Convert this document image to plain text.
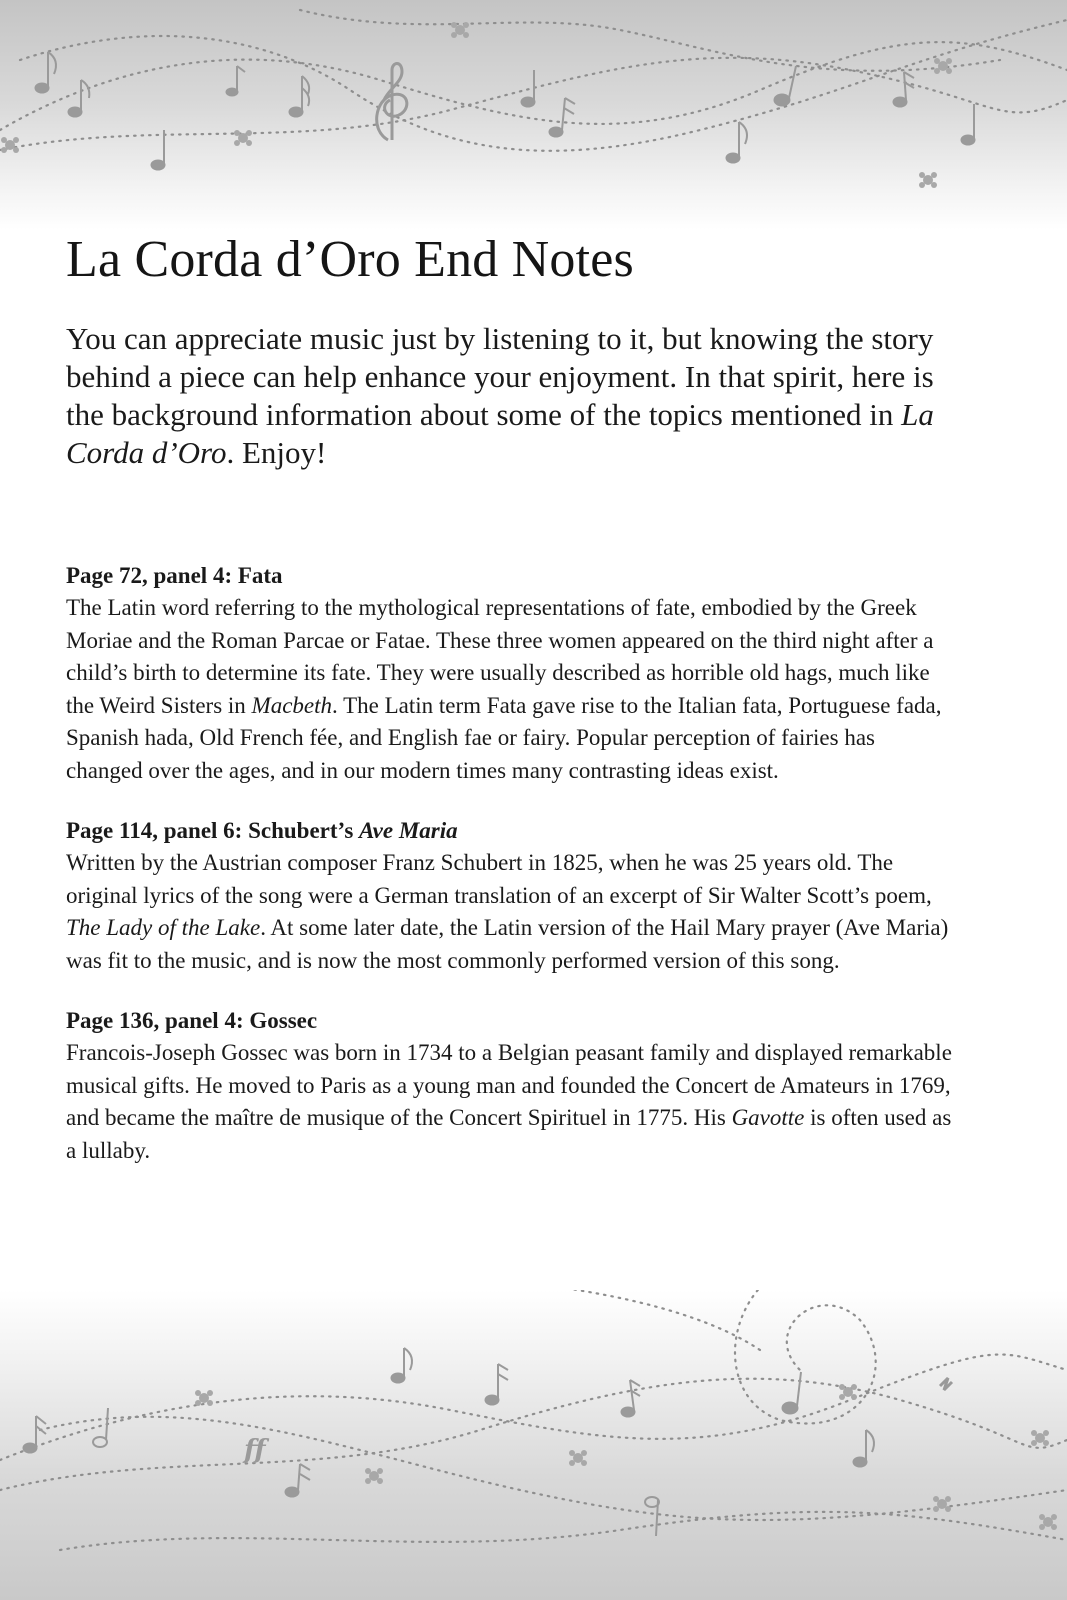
ff
La Corda d’Oro End Notes

You can appreciate music just by listening to it, but knowing the story behind a piece can help enhance your enjoyment. In that spirit, here is the background information about some of the topics mentioned in La Corda d’Oro. Enjoy!

Page 72, panel 4: Fata

The Latin word referring to the mythological representations of fate, embodied by the Greek Moriae and the Roman Parcae or Fatae. These three women appeared on the third night after a child’s birth to determine its fate. They were usually described as horrible old hags, much like the Weird Sisters in Macbeth. The Latin term Fata gave rise to the Italian fata, Portuguese fada, Spanish hada, Old French fée, and English fae or fairy. Popular perception of fairies has changed over the ages, and in our modern times many contrasting ideas exist.

Page 114, panel 6: Schubert’s Ave Maria

Written by the Austrian composer Franz Schubert in 1825, when he was 25 years old. The original lyrics of the song were a German translation of an excerpt of Sir Walter Scott’s poem, The Lady of the Lake. At some later date, the Latin version of the Hail Mary prayer (Ave Maria) was fit to the music, and is now the most commonly performed version of this song.

Page 136, panel 4: Gossec

Francois-Joseph Gossec was born in 1734 to a Belgian peasant family and displayed remarkable musical gifts. He moved to Paris as a young man and founded the Concert de Amateurs in 1769, and became the maître de musique of the Concert Spirituel in 1775. His Gavotte is often used as a lullaby.
